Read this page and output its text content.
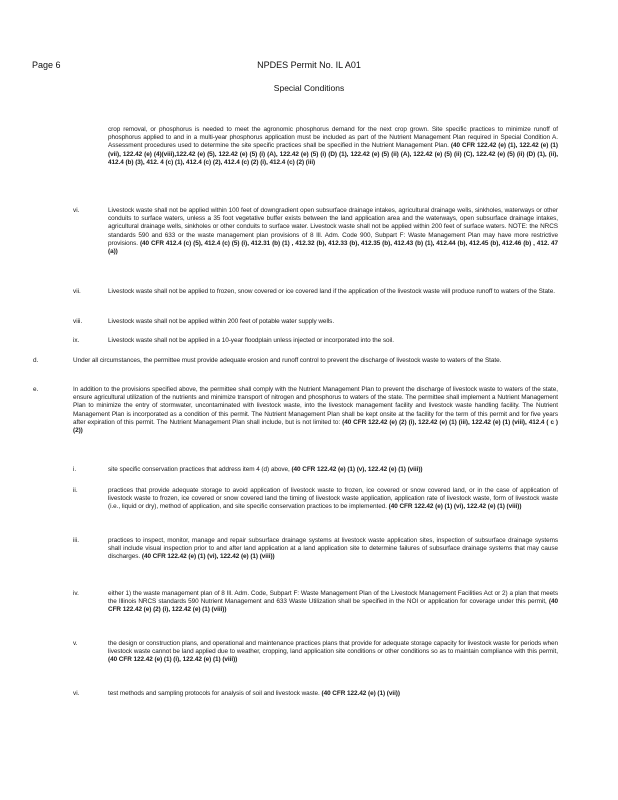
Page 6	NPDES Permit No. IL A01
Special Conditions
crop removal, or phosphorus is needed to meet the agronomic phosphorus demand for the next crop grown. Site specific practices to minimize runoff of phosphorus applied to and in a multi-year phosphorus application must be included as part of the Nutrient Management Plan required in Special Condition A. Assessment procedures used to determine the site specific practices shall be specified in the Nutrient Management Plan. (40 CFR 122.42 (e) (1), 122.42 (e) (1) (vii), 122.42 (e) (4)(viii),122.42 (e) (5), 122.42 (e) (5) (i) (A), 122.42 (e) (5) (i) (D) (1), 122.42 (e) (5) (ii) (A), 122.42 (e) (5) (ii) (C), 122.42 (e) (5) (ii) (D) (1), (ii), 412.4 (b) (3), 412. 4 (c) (1), 412.4 (c) (2), 412.4 (c) (2) (i), 412.4 (c) (2) (iii)
vi.	Livestock waste shall not be applied within 100 feet of downgradient open subsurface drainage intakes, agricultural drainage wells, sinkholes, waterways or other conduits to surface waters, unless a 35 foot vegetative buffer exists between the land application area and the waterways, open subsurface drainage intakes, agricultural drainage wells, sinkholes or other conduits to surface water. Livestock waste shall not be applied within 200 feet of surface waters. NOTE: the NRCS standards 590 and 633 or the waste management plan provisions of 8 Ill. Adm. Code 900, Subpart F: Waste Management Plan may have more restrictive provisions. (40 CFR 412.4 (c) (5), 412.4 (c) (5) (i), 412.31 (b) (1) , 412.32 (b), 412.33 (b), 412.35 (b), 412.43 (b) (1), 412.44 (b), 412.45 (b), 412.46 (b) , 412. 47 (a))
vii.	Livestock waste shall not be applied to frozen, snow covered or ice covered land if the application of the livestock waste will produce runoff to waters of the State.
viii.	Livestock waste shall not be applied within 200 feet of potable water supply wells.
ix.	Livestock waste shall not be applied in a 10-year floodplain unless injected or incorporated into the soil.
d.	Under all circumstances, the permittee must provide adequate erosion and runoff control to prevent the discharge of livestock waste to waters of the State.
e.	In addition to the provisions specified above, the permittee shall comply with the Nutrient Management Plan to prevent the discharge of livestock waste to waters of the state, ensure agricultural utilization of the nutrients and minimize transport of nitrogen and phosphorus to waters of the state. The permittee shall implement a Nutrient Management Plan to minimize the entry of stormwater, uncontaminated with livestock waste, into the livestock management facility and livestock waste handling facility. The Nutrient Management Plan is incorporated as a condition of this permit. The Nutrient Management Plan shall be kept onsite at the facility for the term of this permit and for five years after expiration of this permit. The Nutrient Management Plan shall include, but is not limited to: (40 CFR 122.42 (e) (2) (i), 122.42 (e) (1) (iii), 122.42 (e) (1) (viii), 412.4 ( c ) (2))
i.	site specific conservation practices that address item 4 (d) above, (40 CFR 122.42 (e) (1) (v), 122.42 (e) (1) (viii))
ii.	practices that provide adequate storage to avoid application of livestock waste to frozen, ice covered or snow covered land, or in the case of application of livestock waste to frozen, ice covered or snow covered land the timing of livestock waste application, application rate of livestock waste, form of livestock waste (i.e., liquid or dry), method of application, and site specific conservation practices to be implemented. (40 CFR 122.42 (e) (1) (vi), 122.42 (e) (1) (viii))
iii.	practices to inspect, monitor, manage and repair subsurface drainage systems at livestock waste application sites, inspection of subsurface drainage systems shall include visual inspection prior to and after land application at a land application site to determine failures of subsurface drainage systems that may cause discharges. (40 CFR 122.42 (e) (1) (vi), 122.42 (e) (1) (viii))
iv.	either 1) the waste management plan of 8 Ill. Adm. Code, Subpart F: Waste Management Plan of the Livestock Management Facilities Act or 2) a plan that meets the Illinois NRCS standards 590 Nutrient Management and 633 Waste Utilization shall be specified in the NOI or application for coverage under this permit, (40 CFR 122.42 (e) (2) (i), 122.42 (e) (1) (viii))
v.	the design or construction plans, and operational and maintenance practices plans that provide for adequate storage capacity for livestock waste for periods when livestock waste cannot be land applied due to weather, cropping, land application site conditions or other conditions so as to maintain compliance with this permit, (40 CFR 122.42 (e) (1) (i), 122.42 (e) (1) (viii))
vi.	test methods and sampling protocols for analysis of soil and livestock waste. (40 CFR 122.42 (e) (1) (vii))
